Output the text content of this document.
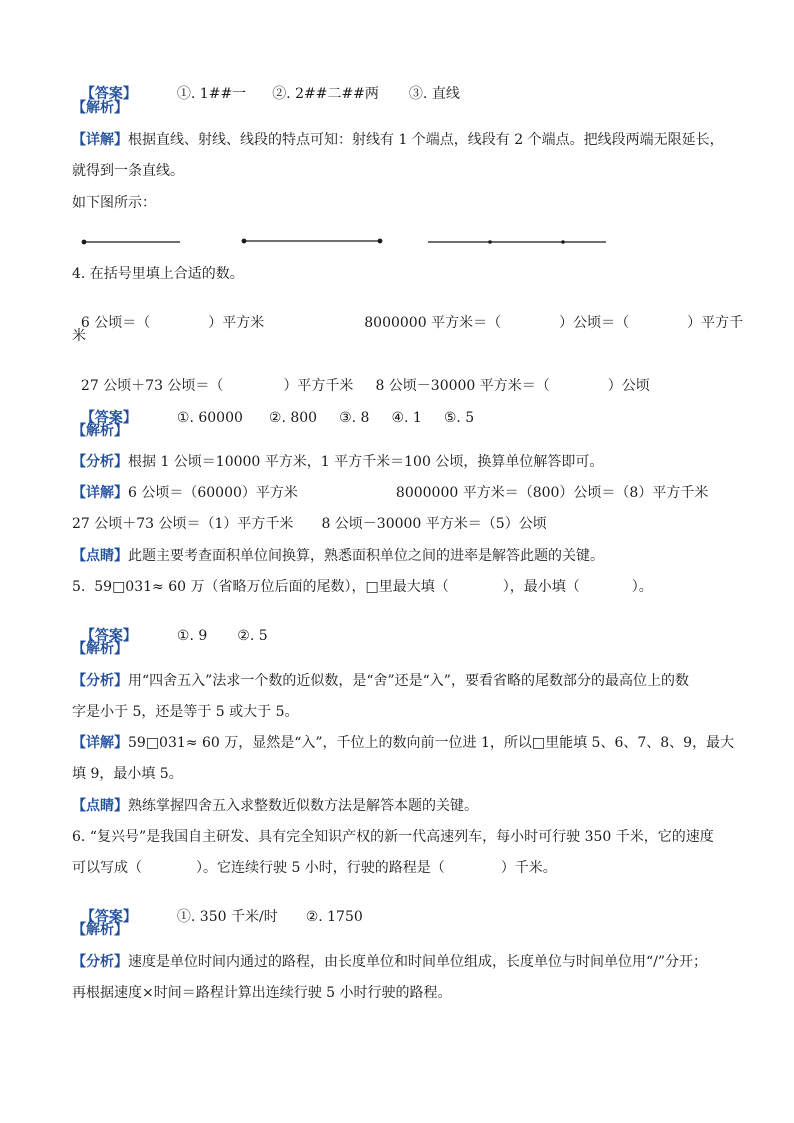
【答案】	①. 1##一 ②. 2##二##两 ③. 直线

【解析】
【详解】根据直线、射线、线段的特点可知：射线有 1 个端点，线段有 2 个端点。把线段两端无限延长，
就得到一条直线。
如下图所示：
4. 在括号里填上合适的数。

6 公顷＝（	）平方米	8000000 平方米＝（	）公顷＝（	）平方千

米

27 公顷＋73 公顷＝（	）平方千米 8 公顷－30000 平方米＝（	）公顷

【答案】	①. 60000 ②. 800 ③. 8 ④. 1 ⑤. 5

【解析】
【分析】根据 1 公顷＝10000 平方米，1 平方千米＝100 公顷，换算单位解答即可。
【详解】6 公顷＝（60000）平方米	8000000 平方米＝（800）公顷＝（8）平方千米
27 公顷＋73 公顷＝（1）平方千米 8 公顷－30000 平方米＝（5）公顷
【点睛】此题主要考查面积单位间换算，熟悉面积单位之间的进率是解答此题的关键。
5.  59□031≈ 60 万（省略万位后面的尾数），□里最大填（	），最小填（	）。

【答案】	①. 9 ②. 5

【解析】
【分析】用“四舍五入”法求一个数的近似数，是“舍”还是“入”，要看省略的尾数部分的最高位上的数
字是小于 5，还是等于 5 或大于 5。
【详解】59□031≈ 60 万，显然是“入”，千位上的数向前一位进 1，所以□里能填 5、6、7、8、9，最大
填 9，最小填 5。
【点睛】熟练掌握四舍五入求整数近似数方法是解答本题的关键。
6. “复兴号”是我国自主研发、具有完全知识产权的新一代高速列车，每小时可行驶 350 千米，它的速度
可以写成（	）。它连续行驶 5 小时，行驶的路程是（	）千米。

【答案】	①. 350 千米/时 ②. 1750

【解析】
【分析】速度是单位时间内通过的路程，由长度单位和时间单位组成，长度单位与时间单位用“/”分开；
再根据速度×时间＝路程计算出连续行驶 5 小时行驶的路程。
